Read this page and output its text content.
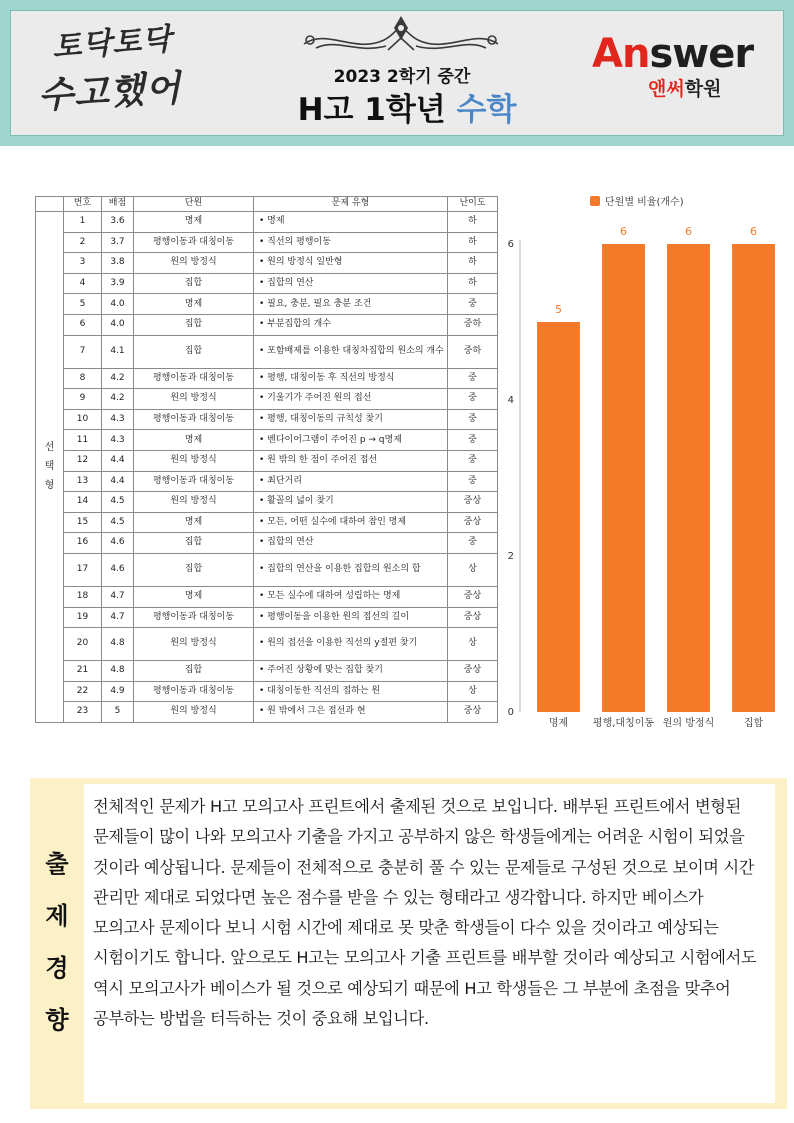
토닥토닥
수고했어	2023 2학기 중간
H고 1학년 수학
Answer
앤써학원
	번호	배점	단원	문제 유형	난이도

선
택
형	1	3.6	명제	• 명제	하
	2	3.7	평행이동과 대칭이동	• 직선의 평행이동	하
	3	3.8	원의 방정식	• 원의 방정식 일반형	하
	4	3.9	집합	• 집합의 연산	하
	5	4.0	명제	• 필요, 충분, 필요 충분 조건	중
	6	4.0	집합	• 부분집합의 개수	중하
	7	4.1	집합	• 포함배제를 이용한 대칭차집합의 원소의 개수	중하
	8	4.2	평행이동과 대칭이동	• 평행, 대칭이동 후 직선의 방정식	중
	9	4.2	원의 방정식	• 기울기가 주어진 원의 접선	중
	10	4.3	평행이동과 대칭이동	• 평행, 대칭이동의 규칙성 찾기	중
	11	4.3	명제	• 벤다이어그램이 주어진 p → q명제	중
	12	4.4	원의 방정식	• 원 밖의 한 점이 주어진 접선	중
	13	4.4	평행이동과 대칭이동	• 최단거리	중
	14	4.5	원의 방정식	• 활꼴의 넓이 찾기	중상
	15	4.5	명제	• 모든, 어떤 실수에 대하여 참인 명제	중상
	16	4.6	집합	• 집합의 연산	중
	17	4.6	집합	• 집합의 연산을 이용한 집합의 원소의 합	상
	18	4.7	명제	• 모든 실수에 대하여 성립하는 명제	중상
	19	4.7	평행이동과 대칭이동	• 평행이동을 이용한 원의 접선의 길이	중상
	20	4.8	원의 방정식	• 원의 접선을 이용한 직선의 y절편 찾기	상
	21	4.8	집합	• 주어진 상황에 맞는 집합 찾기	중상
	22	4.9	평행이동과 대칭이동	• 대칭이동한 직선의 접하는 원	상
	23	5	원의 방정식	• 원 밖에서 그은 접선과 현	중상
단원별 비율(개수)
0
2
4
6
5
명제
6
평행,대칭이동
6
원의 방정식
6
집합
출
제
경
향
전체적인 문제가 H고 모의고사 프린트에서 출제된 것으로 보입니다. 배부된 프린트에서 변형된 문제들이 많이 나와 모의고사 기출을 가지고 공부하지 않은 학생들에게는 어려운 시험이 되었을 것이라 예상됩니다. 문제들이 전체적으로 충분히 풀 수 있는 문제들로 구성된 것으로 보이며 시간 관리만 제대로 되었다면 높은 점수를 받을 수 있는 형태라고 생각합니다. 하지만 베이스가 모의고사 문제이다 보니 시험 시간에 제대로 못 맞춘 학생들이 다수 있을 것이라고 예상되는 시험이기도 합니다. 앞으로도 H고는 모의고사 기출 프린트를 배부할 것이라 예상되고 시험에서도 역시 모의고사가 베이스가 될 것으로 예상되기 때문에 H고 학생들은 그 부분에 초점을 맞추어 공부하는 방법을 터득하는 것이 중요해 보입니다.
